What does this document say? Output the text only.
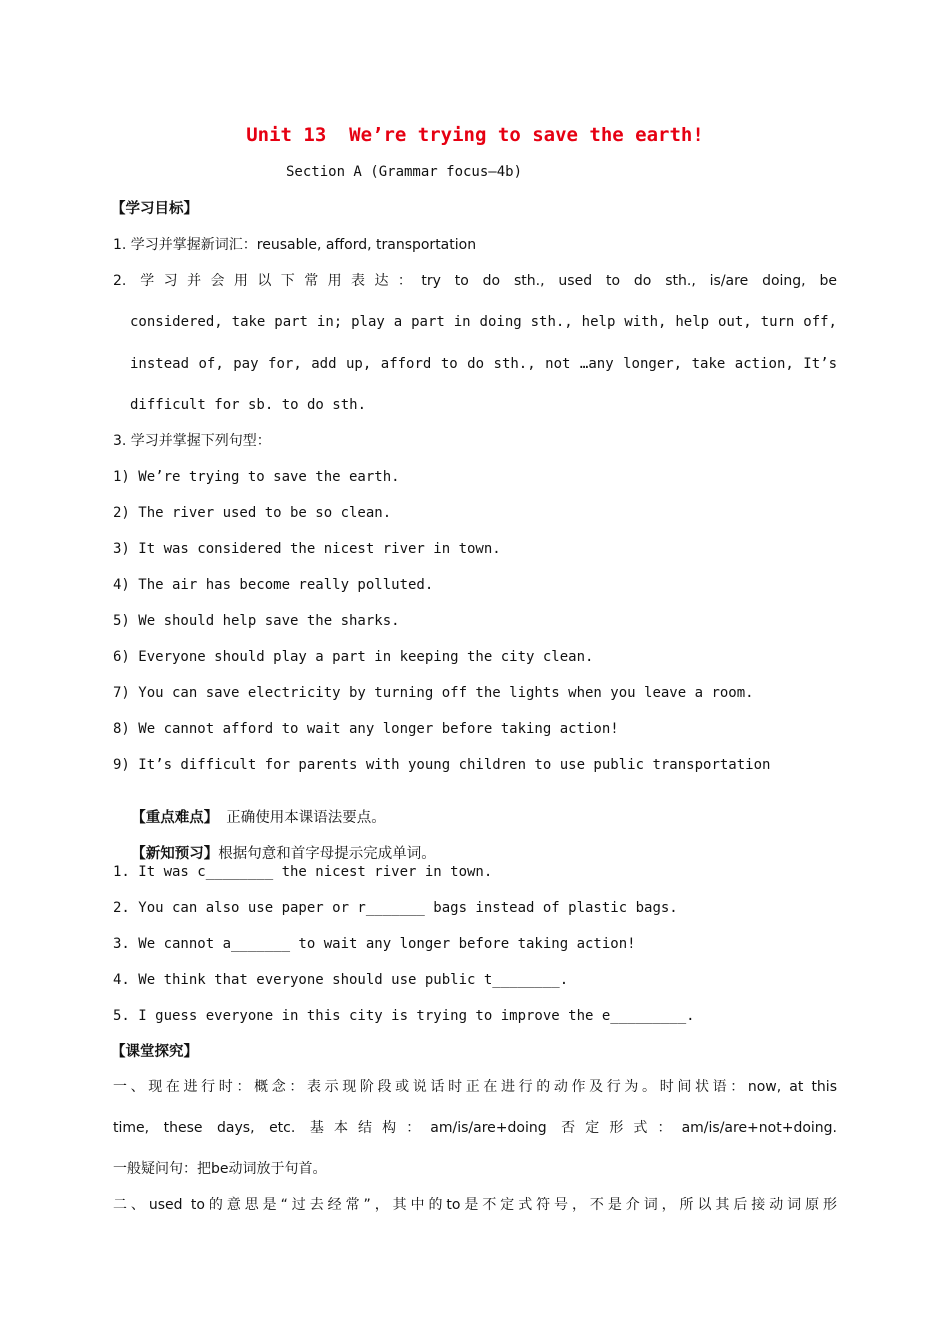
Unit 13  We’re trying to save the earth!
Section A (Grammar focus—4b)
【学习目标】
1. 学习并掌握新词汇：reusable, afford, transportation
2. 学习并会用以下常用表达：try to do sth., used to do sth., is/are doing, be
considered, take part in; play a part in doing sth., help with, help out, turn off,
instead of, pay for, add up, afford to do sth., not …any longer, take action, It’s
difficult for sb. to do sth.
3. 学习并掌握下列句型：
1) We’re trying to save the earth.
2) The river used to be so clean.
3) It was considered the nicest river in town.
4) The air has become really polluted.
5) We should help save the sharks.
6) Everyone should play a part in keeping the city clean.
7) You can save electricity by turning off the lights when you leave a room.
8) We cannot afford to wait any longer before taking action!
9) It’s difficult for parents with young children to use public transportation

【重点难点】 正确使用本课语法要点。

【新知预习】根据句意和首字母提示完成单词。

1. It was c________ the nicest river in town.
2. You can also use paper or r_______ bags instead of plastic bags.
3. We cannot a_______ to wait any longer before taking action!
4. We think that everyone should use public t________.
5. I guess everyone in this city is trying to improve the e_________.
【课堂探究】
一、现在进行时：概念：表示现阶段或说话时正在进行的动作及行为。时间状语：now, at this
time, these days, etc. 基本结构：am/is/are+doing 否定形式：am/is/are+not+doing.
一般疑问句：把be动词放于句首。
二、used to的意思是“过去经常”，其中的to是不定式符号，不是介词，所以其后接动词原形
